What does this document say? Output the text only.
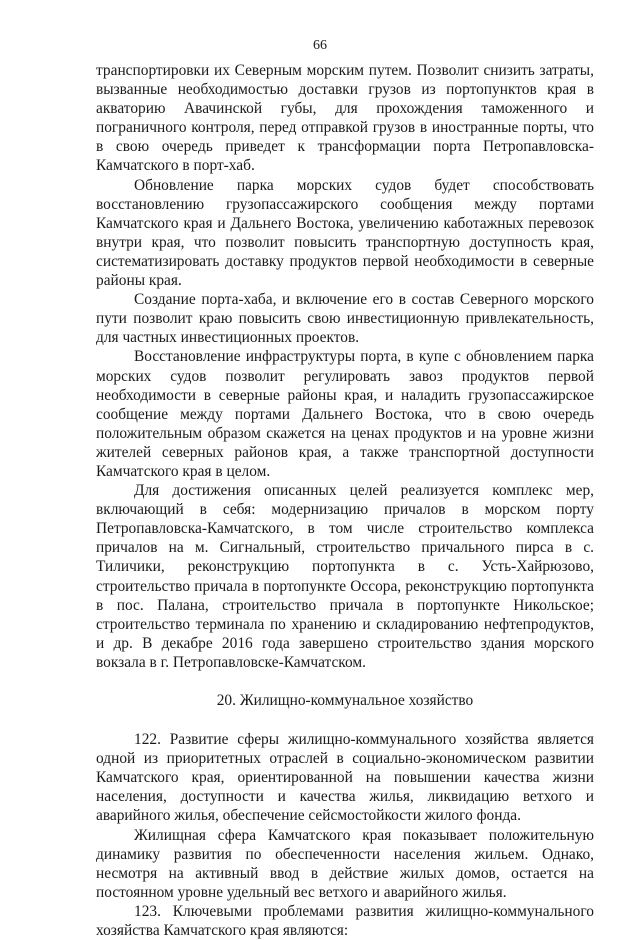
66

транспортировки их Северным морским путем. Позволит снизить затраты, вызванные необходимостью доставки грузов из портопунктов края в акваторию Авачинской губы, для прохождения таможенного и пограничного контроля, перед отправкой грузов в иностранные порты, что в свою очередь приведет к трансформации порта Петропавловска-Камчатского в порт-хаб.

Обновление парка морских судов будет способствовать восстановлению грузопассажирского сообщения между портами Камчатского края и Дальнего Востока, увеличению каботажных перевозок внутри края, что позволит повысить транспортную доступность края, систематизировать доставку продуктов первой необходимости в северные районы края.

Создание порта-хаба, и включение его в состав Северного морского пути позволит краю повысить свою инвестиционную привлекательность, для частных инвестиционных проектов.

Восстановление инфраструктуры порта, в купе с обновлением парка морских судов позволит регулировать завоз продуктов первой необходимости в северные районы края, и наладить грузопассажирское сообщение между портами Дальнего Востока, что в свою очередь положительным образом скажется на ценах продуктов и на уровне жизни жителей северных районов края, а также транспортной доступности Камчатского края в целом.

Для достижения описанных целей реализуется комплекс мер, включающий в себя: модернизацию причалов в морском порту Петропавловска-Камчатского, в том числе строительство комплекса причалов на м. Сигнальный, строительство причального пирса в с. Тиличики, реконструкцию портопункта в с. Усть-Хайрюзово, строительство причала в портопункте Оссора, реконструкцию портопункта в пос. Палана, строительство причала в портопункте Никольское; строительство терминала по хранению и складированию нефтепродуктов, и др. В декабре 2016 года завершено строительство здания морского вокзала в г. Петропавловске-Камчатском.

20. Жилищно-коммунальное хозяйство

122. Развитие сферы жилищно-коммунального хозяйства является одной из приоритетных отраслей в социально-экономическом развитии Камчатского края, ориентированной на повышении качества жизни населения, доступности и качества жилья, ликвидацию ветхого и аварийного жилья, обеспечение сейсмостойкости жилого фонда.

Жилищная сфера Камчатского края показывает положительную динамику развития по обеспеченности населения жильем. Однако, несмотря на активный ввод в действие жилых домов, остается на постоянном уровне удельный вес ветхого и аварийного жилья.

123. Ключевыми проблемами развития жилищно-коммунального хозяйства Камчатского края являются:
